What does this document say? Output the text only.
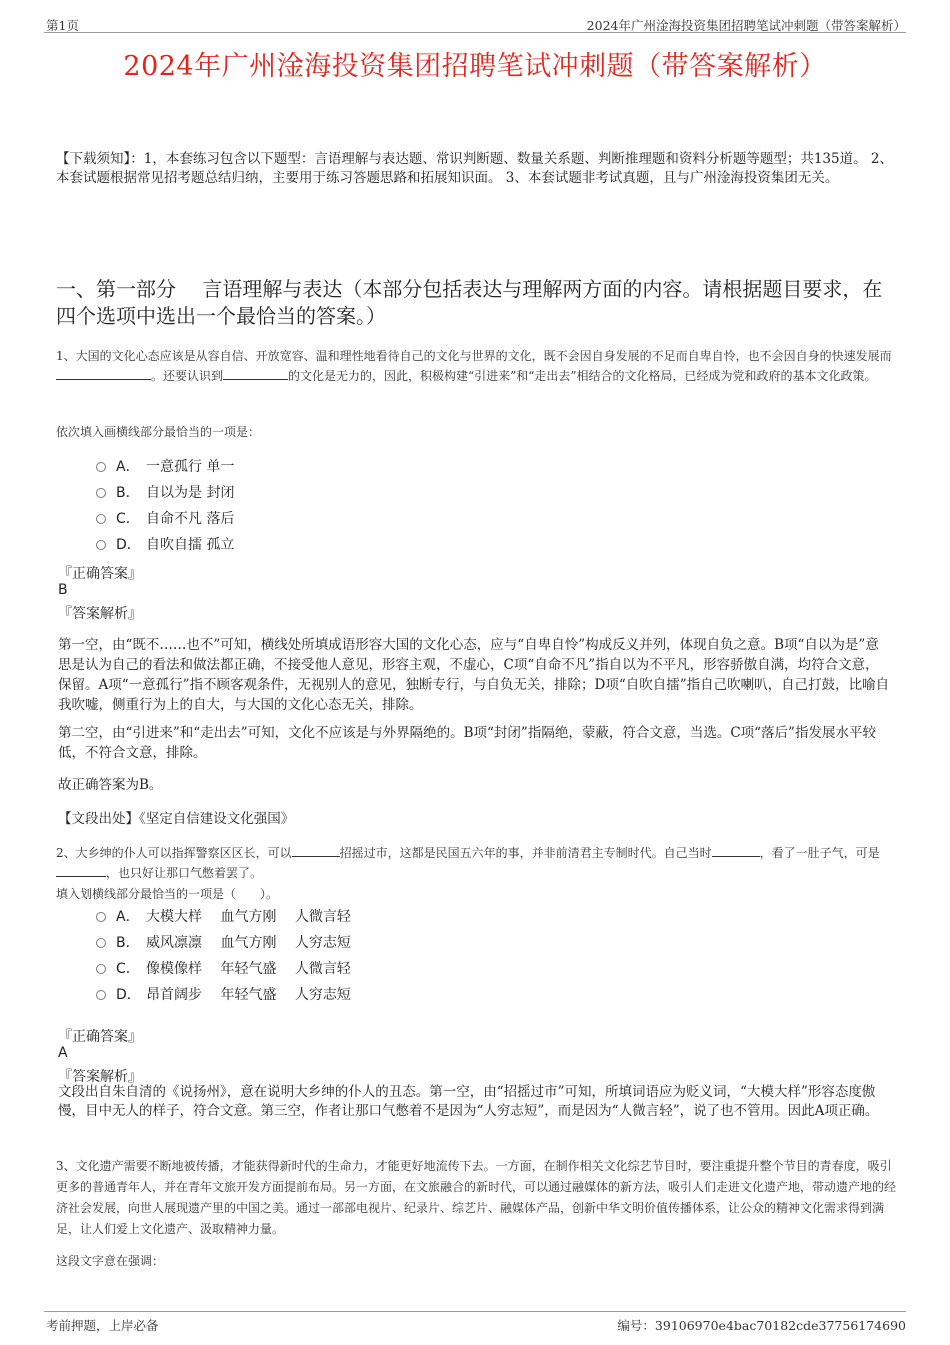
第1页	2024年广州淦海投资集团招聘笔试冲刺题（带答案解析）
2024年广州淦海投资集团招聘笔试冲刺题（带答案解析）
【下载须知】：1，本套练习包含以下题型：言语理解与表达题、常识判断题、数量关系题、判断推理题和资料分析题等题型；共135道。 2、本套试题根据常见招考题总结归纳，主要用于练习答题思路和拓展知识面。 3、本套试题非考试真题，且与广州淦海投资集团无关。
一、第一部分　 言语理解与表达（本部分包括表达与理解两方面的内容。请根据题目要求，在四个选项中选出一个最恰当的答案。）
1、大国的文化心态应该是从容自信、开放宽容、温和理性地看待自己的文化与世界的文化，既不会因自身发展的不足而自卑自怜，也不会因自身的快速发展而。还要认识到	的文化是无力的，因此，积极构建“引进来”和“走出去”相结合的文化格局，已经成为党和政府的基本文化政策。
依次填入画横线部分最恰当的一项是：
A． 一意孤行 单一
B． 自以为是 封闭
C． 自命不凡 落后
D． 自吹自擂 孤立
『正确答案』
B
『答案解析』
第一空，由“既不……也不”可知，横线处所填成语形容大国的文化心态，应与“自卑自怜”构成反义并列，体现自负之意。B项“自以为是”意思是认为自己的看法和做法都正确，不接受他人意见，形容主观，不虚心，C项“自命不凡”指自以为不平凡，形容骄傲自满，均符合文意，保留。A项“一意孤行”指不顾客观条件，无视别人的意见，独断专行，与自负无关，排除；D项“自吹自擂”指自己吹喇叭，自己打鼓，比喻自我吹嘘，侧重行为上的自大，与大国的文化心态无关，排除。
第二空，由“引进来”和“走出去”可知，文化不应该是与外界隔绝的。B项“封闭”指隔绝，蒙蔽，符合文意，当选。C项“落后”指发展水平较低，不符合文意，排除。
故正确答案为B。
【文段出处】《坚定自信建设文化强国》
2、大乡绅的仆人可以指挥警察区区长，可以	招摇过市，这都是民国五六年的事，并非前清君主专制时代。自己当时	，看了一肚子气，可是，也只好让那口气憋着罢了。
填入划横线部分最恰当的一项是（　　）。
A． 大模大样　 血气方刚　 人微言轻
B． 威风凛凛　 血气方刚　 人穷志短
C． 像模像样　 年轻气盛　 人微言轻
D． 昂首阔步　 年轻气盛　 人穷志短
『正确答案』
A
『答案解析』
文段出自朱自清的《说扬州》，意在说明大乡绅的仆人的丑态。第一空，由“招摇过市”可知，所填词语应为贬义词，“大模大样”形容态度傲慢，目中无人的样子，符合文意。第三空，作者让那口气憋着不是因为“人穷志短”，而是因为“人微言轻”，说了也不管用。因此A项正确。
3、文化遗产需要不断地被传播，才能获得新时代的生命力，才能更好地流传下去。一方面，在制作相关文化综艺节目时，要注重提升整个节目的青春度，吸引更多的普通青年人，并在青年文旅开发方面提前布局。另一方面，在文旅融合的新时代，可以通过融媒体的新方法，吸引人们走进文化遗产地，带动遗产地的经济社会发展，向世人展现遗产里的中国之美。通过一部部电视片、纪录片、综艺片、融媒体产品，创新中华文明价值传播体系，让公众的精神文化需求得到满足，让人们爱上文化遗产、汲取精神力量。
这段文字意在强调：
考前押题，上岸必备	编号：39106970e4bac70182cde37756174690
